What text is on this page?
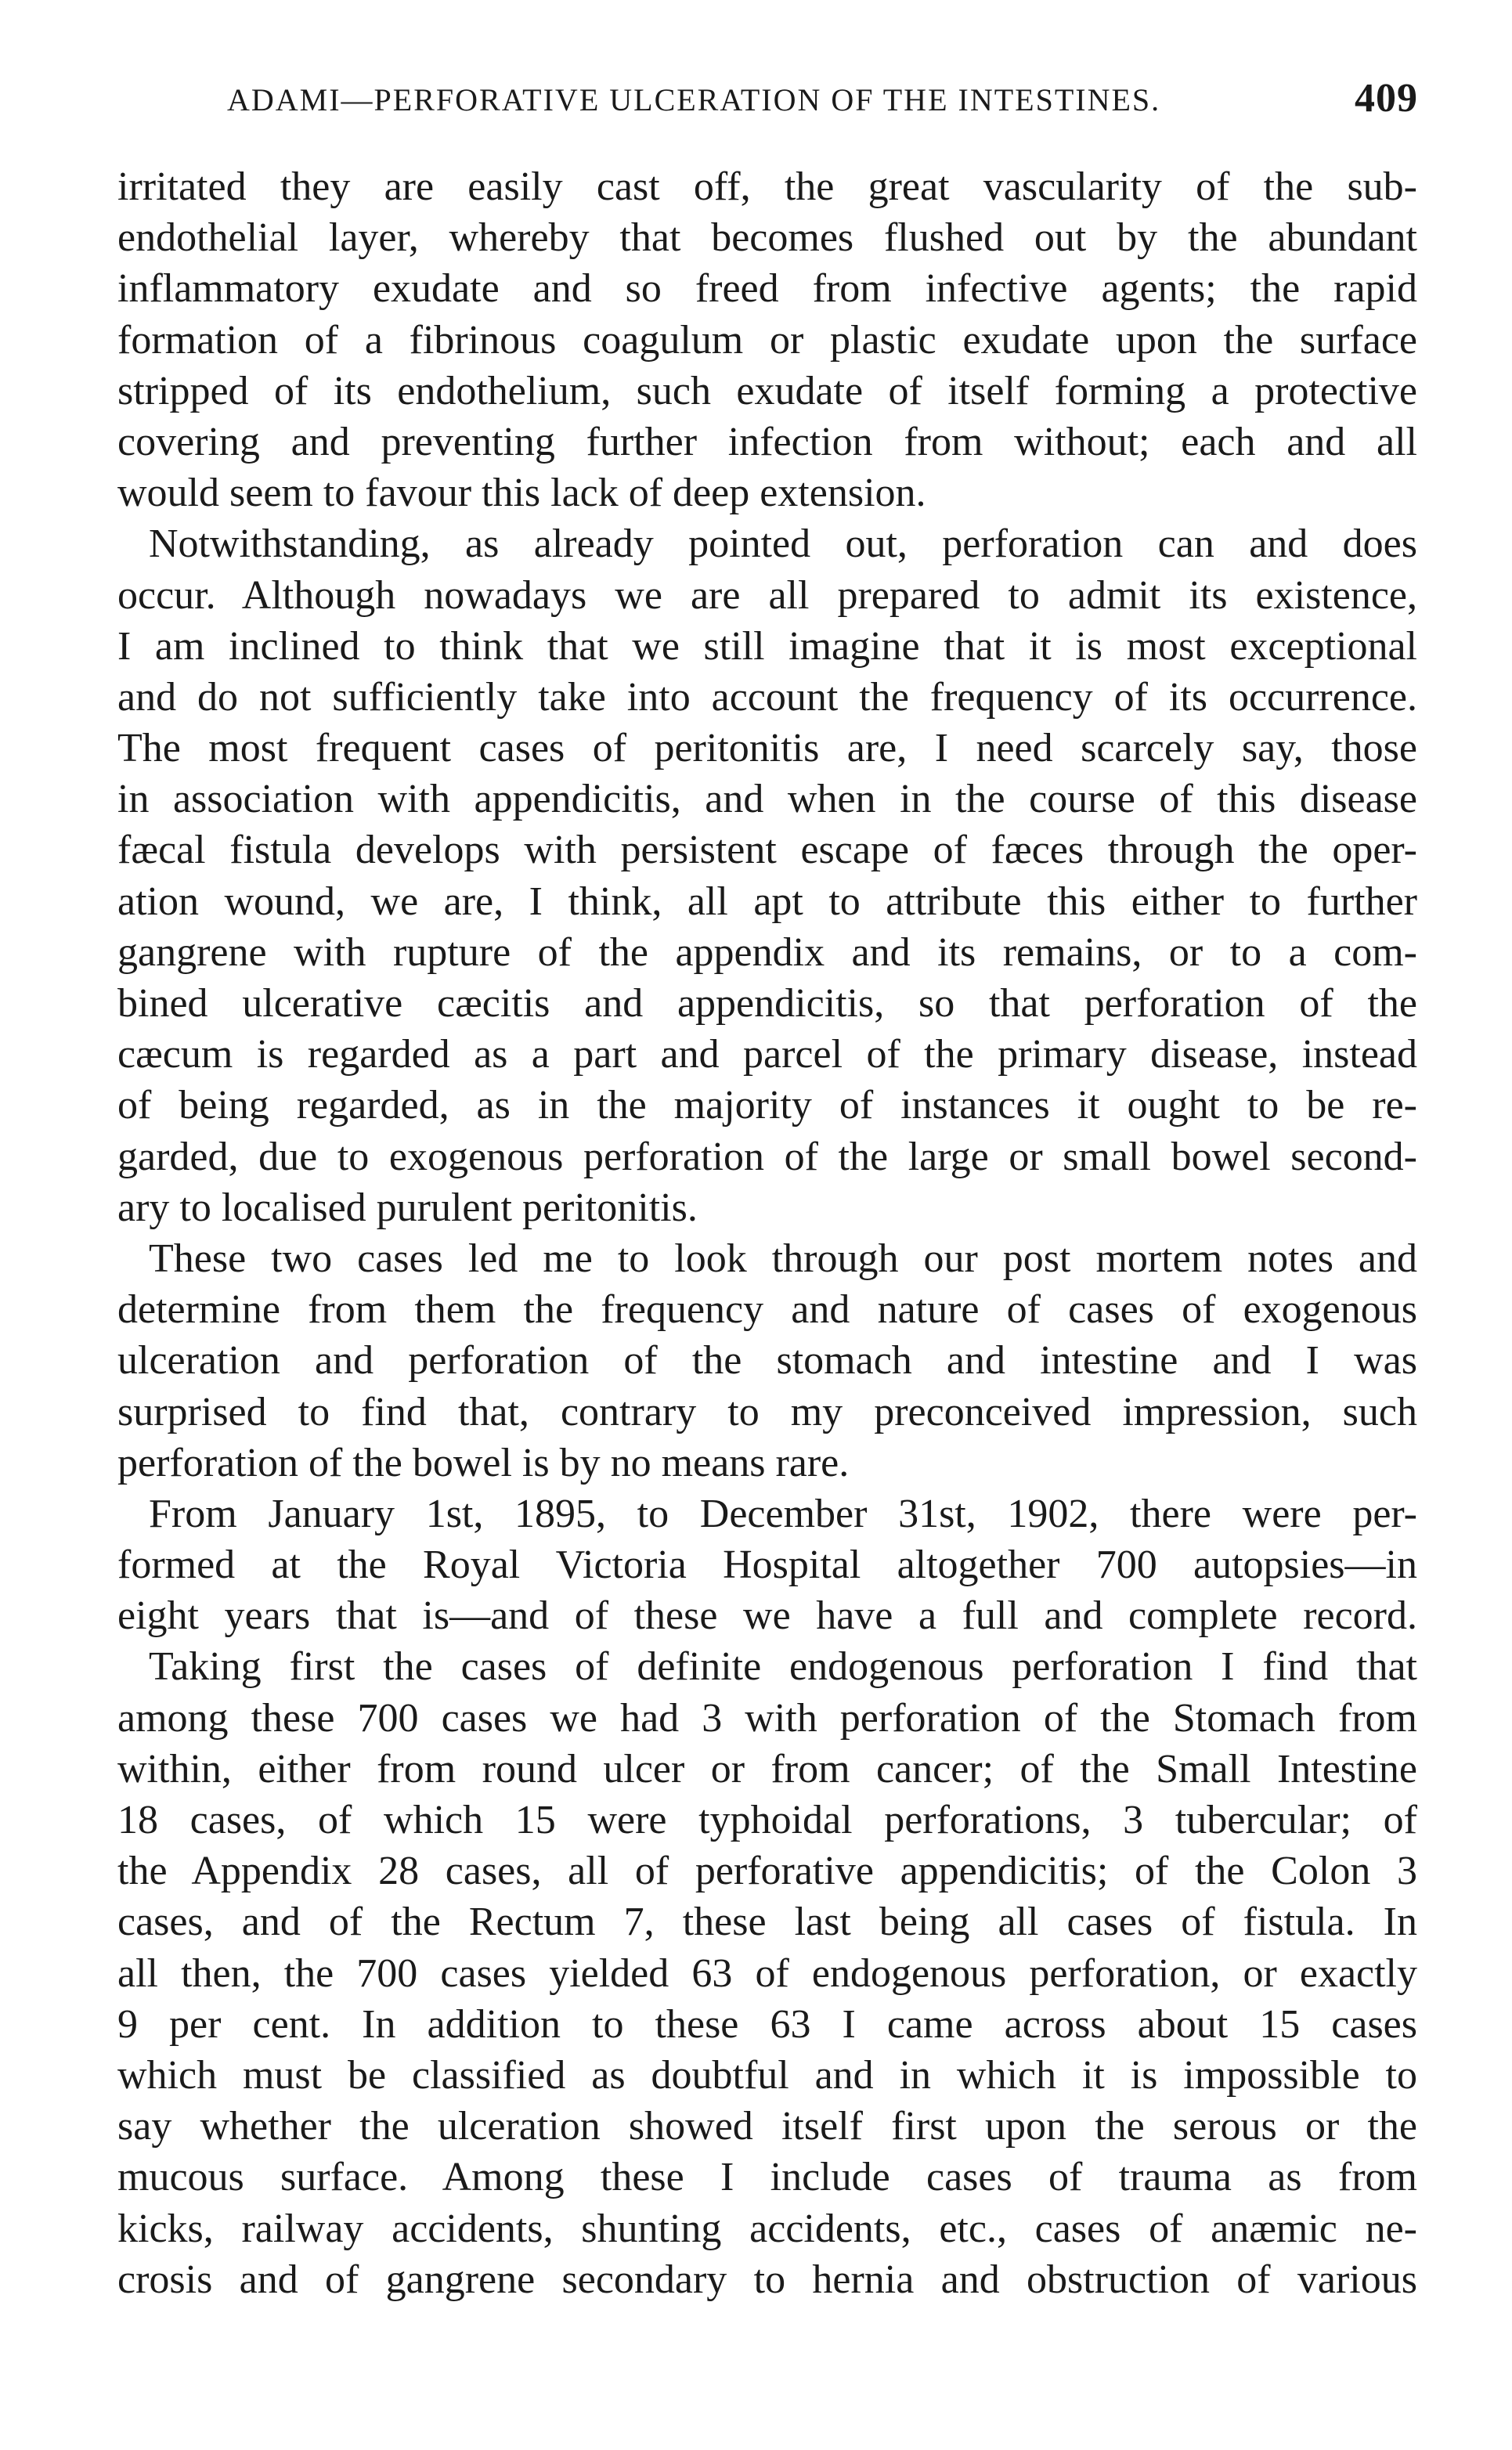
ADAMI—PERFORATIVE ULCERATION OF THE INTESTINES.	409
irritated they are easily cast off, the great vascularity of the sub-
endothelial layer, whereby that becomes flushed out by the abundant
inflammatory exudate and so freed from infective agents; the rapid
formation of a fibrinous coagulum or plastic exudate upon the surface
stripped of its endothelium, such exudate of itself forming a protective
covering and preventing further infection from without; each and all
would seem to favour this lack of deep extension.
Notwithstanding, as already pointed out, perforation can and does
occur. Although nowadays we are all prepared to admit its existence,
I am inclined to think that we still imagine that it is most exceptional
and do not sufficiently take into account the frequency of its occurrence.
The most frequent cases of peritonitis are, I need scarcely say, those
in association with appendicitis, and when in the course of this disease
fæcal fistula develops with persistent escape of fæces through the oper-
ation wound, we are, I think, all apt to attribute this either to further
gangrene with rupture of the appendix and its remains, or to a com-
bined ulcerative cæcitis and appendicitis, so that perforation of the
cæcum is regarded as a part and parcel of the primary disease, instead
of being regarded, as in the majority of instances it ought to be re-
garded, due to exogenous perforation of the large or small bowel second-
ary to localised purulent peritonitis.
These two cases led me to look through our post mortem notes and
determine from them the frequency and nature of cases of exogenous
ulceration and perforation of the stomach and intestine and I was
surprised to find that, contrary to my preconceived impression, such
perforation of the bowel is by no means rare.
From January 1st, 1895, to December 31st, 1902, there were per-
formed at the Royal Victoria Hospital altogether 700 autopsies—in
eight years that is—and of these we have a full and complete record.
Taking first the cases of definite endogenous perforation I find that
among these 700 cases we had 3 with perforation of the Stomach from
within, either from round ulcer or from cancer; of the Small Intestine
18 cases, of which 15 were typhoidal perforations, 3 tubercular; of
the Appendix 28 cases, all of perforative appendicitis; of the Colon 3
cases, and of the Rectum 7, these last being all cases of fistula. In
all then, the 700 cases yielded 63 of endogenous perforation, or exactly
9 per cent. In addition to these 63 I came across about 15 cases
which must be classified as doubtful and in which it is impossible to
say whether the ulceration showed itself first upon the serous or the
mucous surface. Among these I include cases of trauma as from
kicks, railway accidents, shunting accidents, etc., cases of anæmic ne-
crosis and of gangrene secondary to hernia and obstruction of various
